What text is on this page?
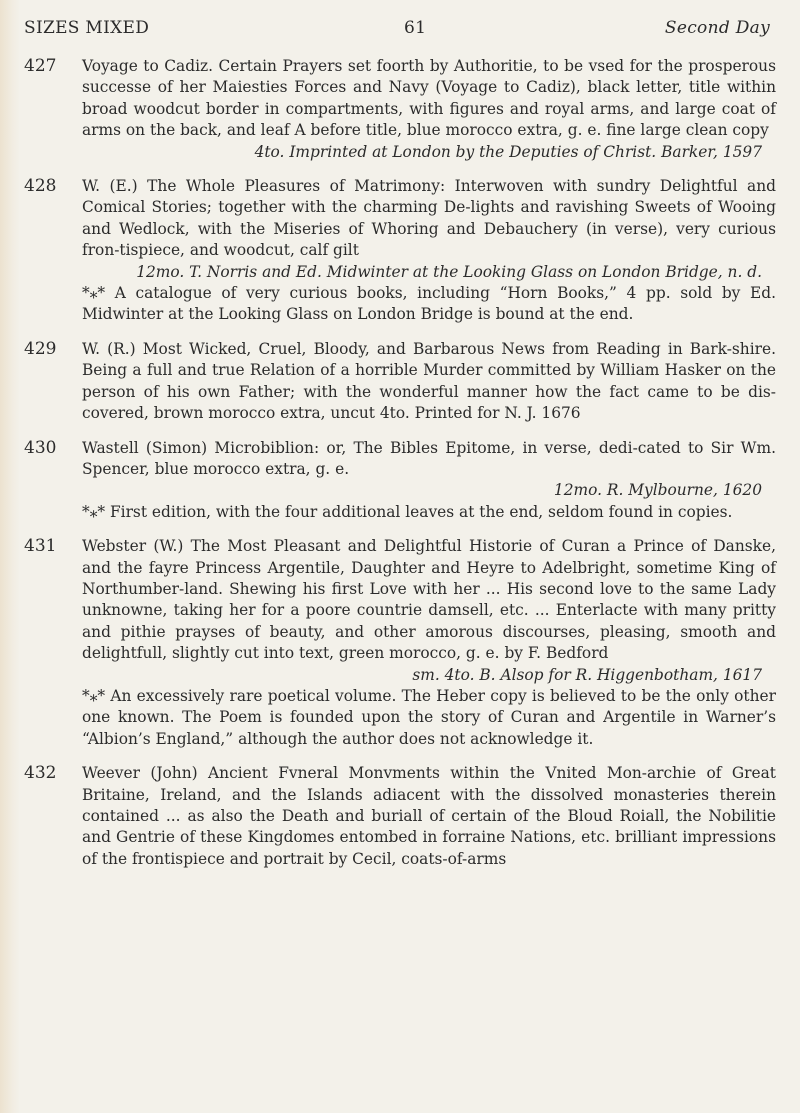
SIZES MIXED	61	Second Day
427	Voyage to Cadiz. Certain Prayers set foorth by Authoritie, to be vsed for the prosperous successe of her Maiesties Forces and Navy (Voyage to Cadiz), black letter, title within broad woodcut border in compartments, with figures and royal arms, and large coat of arms on the back, and leaf A before title, blue morocco extra, g. e. fine large clean copy
4to. Imprinted at London by the Deputies of Christ. Barker, 1597
428	W. (E.) The Whole Pleasures of Matrimony: Interwoven with sundry Delightful and Comical Stories; together with the charming De-lights and ravishing Sweets of Wooing and Wedlock, with the Miseries of Whoring and Debauchery (in verse), very curious fron-tispiece, and woodcut, calf gilt
12mo. T. Norris and Ed. Midwinter at the Looking Glass on London Bridge, n. d.
*⁎* A catalogue of very curious books, including “Horn Books,” 4 pp. sold by Ed. Midwinter at the Looking Glass on London Bridge is bound at the end.
429	W. (R.) Most Wicked, Cruel, Bloody, and Barbarous News from Reading in Bark-shire. Being a full and true Relation of a horrible Murder committed by William Hasker on the person of his own Father; with the wonderful manner how the fact came to be dis-covered, brown morocco extra, uncut 4to. Printed for N. J. 1676
430	Wastell (Simon) Microbiblion: or, The Bibles Epitome, in verse, dedi-cated to Sir Wm. Spencer, blue morocco extra, g. e.
12mo. R. Mylbourne, 1620
*⁎* First edition, with the four additional leaves at the end, seldom found in copies.
431	Webster (W.) The Most Pleasant and Delightful Historie of Curan a Prince of Danske, and the fayre Princess Argentile, Daughter and Heyre to Adelbright, sometime King of Northumber-land. Shewing his first Love with her ... His second love to the same Lady unknowne, taking her for a poore countrie damsell, etc. ... Enterlacte with many pritty and pithie prayses of beauty, and other amorous discourses, pleasing, smooth and delightfull, slightly cut into text, green morocco, g. e. by F. Bedford
sm. 4to. B. Alsop for R. Higgenbotham, 1617
*⁎* An excessively rare poetical volume. The Heber copy is believed to be the only other one known. The Poem is founded upon the story of Curan and Argentile in Warner’s “Albion’s England,” although the author does not acknowledge it.
432	Weever (John) Ancient Fvneral Monvments within the Vnited Mon-archie of Great Britaine, Ireland, and the Islands adiacent with the dissolved monasteries therein contained ... as also the Death and buriall of certain of the Bloud Roiall, the Nobilitie and Gentrie of these Kingdomes entombed in forraine Nations, etc. brilliant impressions of the frontispiece and portrait by Cecil, coats-of-arms
